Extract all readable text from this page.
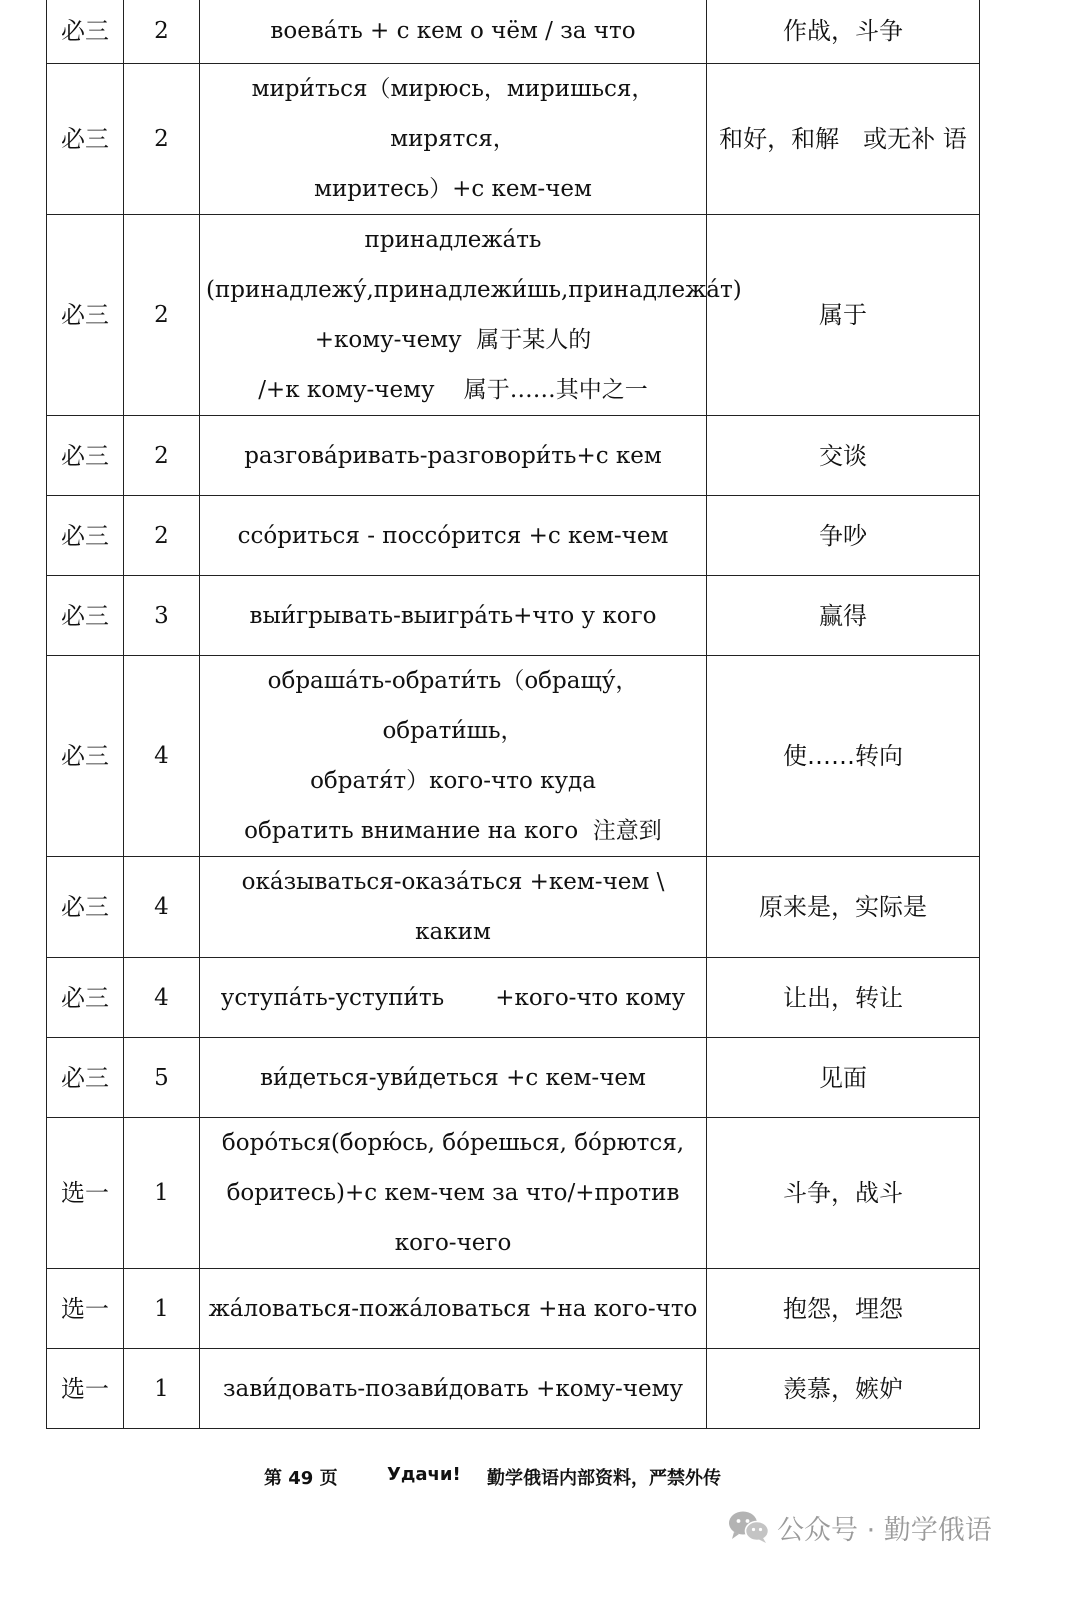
必三	2	воева́ть + с кем о чём / за что	作战，斗争
必三	2	мири́ться（мирюсь，миришься，мирятся，
миритесь）+с кем-чем	和好，和解　或无补 语
必三	2	принадлежа́ть
(принадлежу́,принадлежи́шь,принадлежа́т)
+кому-чему  属于某人的
/+к кому-чему    属于……其中之一	属于
必三	2	разгова́ривать-разговори́ть+с кем	交谈
必三	2	ссо́риться - поссо́рится +с кем-чем	争吵
必三	3	выи́грывать-выигра́ть+что у кого	赢得
必三	4	обраша́ть-обрати́ть（обращу́，обрати́шь，
обратя́т）кого-что куда
обратить внимание на кого  注意到	使……转向
必三	4	ока́зываться-оказа́ться +кем-чем \ каким	原来是，实际是
必三	4	уступа́ть-уступи́ть       +кого-что кому	让出，转让
必三	5	ви́деться-уви́деться +с кем-чем	见面
选一	1	боро́ться(борю́сь, бо́решься, бо́рются,
боритесь)+с кем-чем за что/+против
кого-чего	斗争，战斗
选一	1	жа́ловаться-пожа́ловаться +на кого-что	抱怨，埋怨
选一	1	зави́довать-позави́довать +кому-чему	羡慕，嫉妒
第 49 页	Удачи! 勤学俄语内部资料，严禁外传
公众号 · 勤学俄语
